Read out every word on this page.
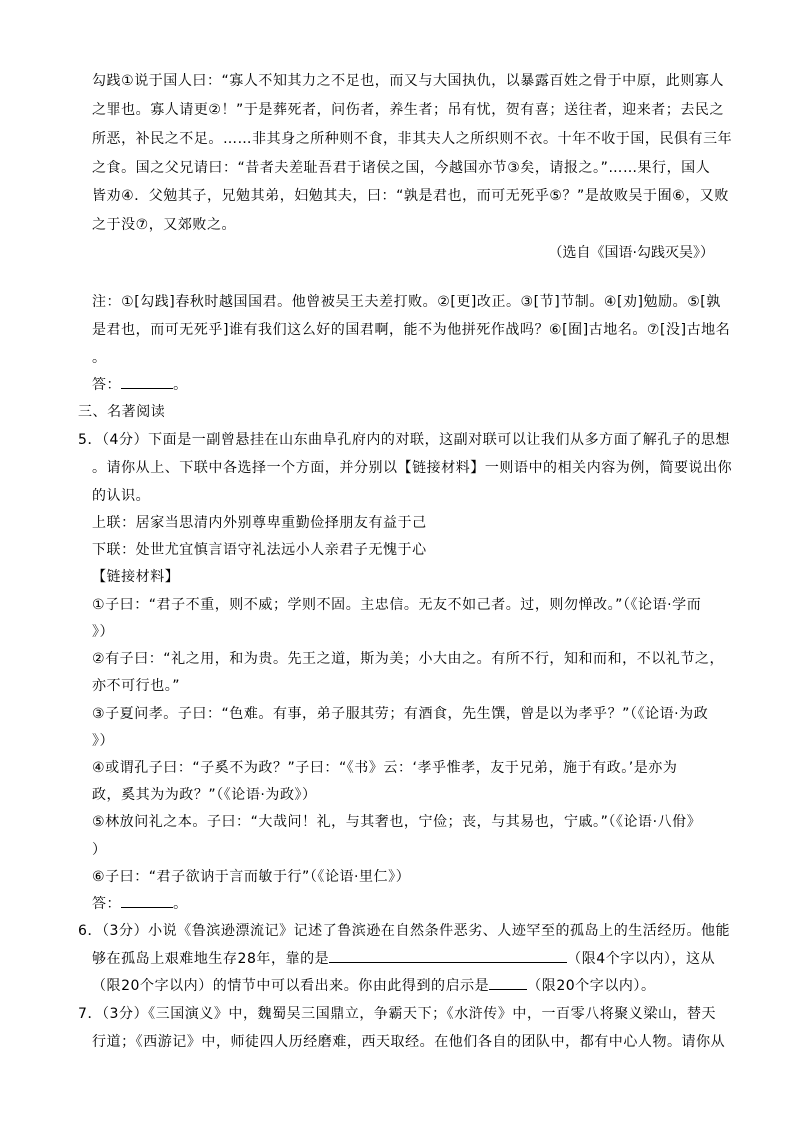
勾践①说于国人曰：“寡人不知其力之不足也，而又与大国执仇，以暴露百姓之骨于中原，此则寡人
之罪也。寡人请更②！”于是葬死者，问伤者，养生者；吊有忧，贺有喜；送往者，迎来者；去民之
所恶，补民之不足。……非其身之所种则不食，非其夫人之所织则不衣。十年不收于国，民俱有三年
之食。国之父兄请曰：“昔者夫差耻吾君于诸侯之国，今越国亦节③矣，请报之。”……果行，国人
皆劝④．父勉其子，兄勉其弟，妇勉其夫，曰：“孰是君也，而可无死乎⑤？”是故败吴于囿⑥，又败
之于没⑦，又郊败之。
（选自《国语·勾践灭吴》）
注：①[勾践]春秋时越国国君。他曾被吴王夫差打败。②[更]改正。③[节]节制。④[劝]勉励。⑤[孰
是君也，而可无死乎]谁有我们这么好的国君啊，能不为他拼死作战吗？⑥[囿]古地名。⑦[没]古地名
。
答：	。
三、名著阅读
5．（4分）下面是一副曾悬挂在山东曲阜孔府内的对联，这副对联可以让我们从多方面了解孔子的思想
。请你从上、下联中各选择一个方面，并分别以【链接材料】一则语中的相关内容为例，简要说出你
的认识。
上联：居家当思清内外别尊卑重勤俭择朋友有益于己
下联：处世尤宜慎言语守礼法远小人亲君子无愧于心
【链接材料】
①子曰：“君子不重，则不威；学则不固。主忠信。无友不如己者。过，则勿惮改。”（《论语·学而
》）
②有子曰：“礼之用，和为贵。先王之道，斯为美；小大由之。有所不行，知和而和，不以礼节之，
亦不可行也。”
③子夏问孝。子曰：“色难。有事，弟子服其劳；有酒食，先生馔，曾是以为孝乎？”（《论语·为政
》）
④或谓孔子曰：“子奚不为政？”子曰：“《书》云：‘孝乎惟孝，友于兄弟，施于有政。’是亦为
政，奚其为为政？”（《论语·为政》）
⑤林放问礼之本。子曰：“大哉问！礼，与其奢也，宁俭；丧，与其易也，宁戚。”（《论语·八佾》
）
⑥子曰：“君子欲讷于言而敏于行”（《论语·里仁》）
答：	。
6．（3分）小说《鲁滨逊漂流记》记述了鲁滨逊在自然条件恶劣、人迹罕至的孤岛上的生活经历。他能
够在孤岛上艰难地生存28年，靠的是	（限4个字以内），这从
（限20个字以内）的情节中可以看出来。你由此得到的启示是	（限20个字以内）。
7．（3分）《三国演义》中，魏蜀吴三国鼎立，争霸天下；《水浒传》中，一百零八将聚义梁山，替天
行道；《西游记》中，师徒四人历经磨难，西天取经。在他们各自的团队中，都有中心人物。请你从
